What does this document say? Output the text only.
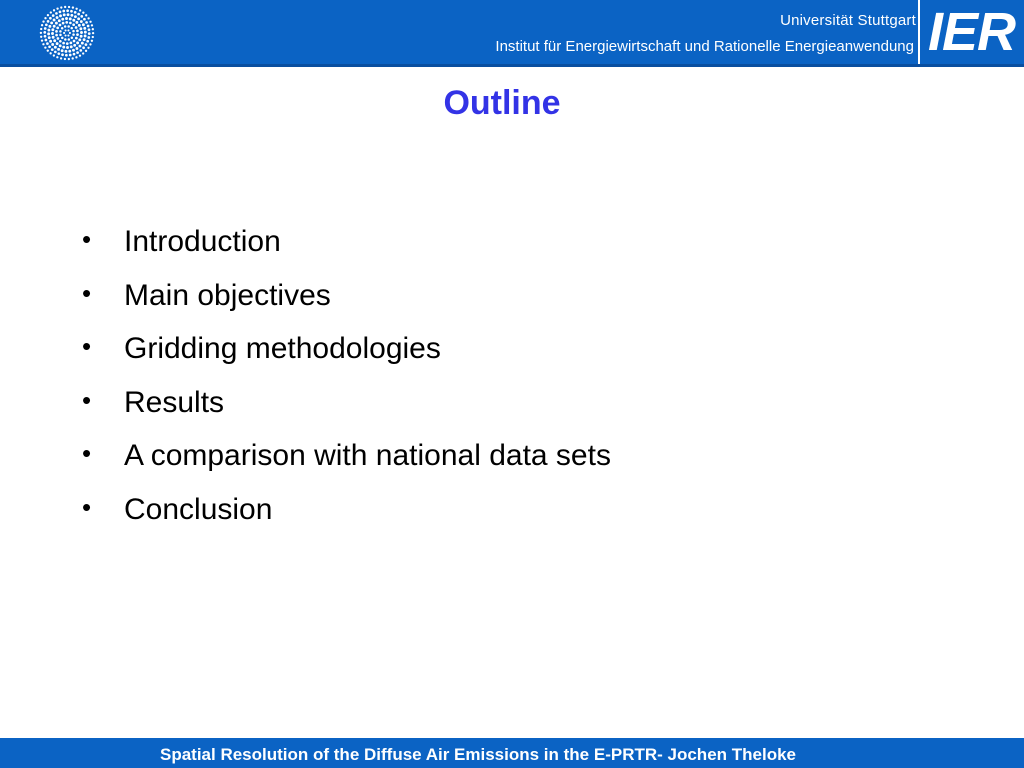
Universität Stuttgart
Institut für Energiewirtschaft und Rationelle Energieanwendung IER
Outline
• Introduction
• Main objectives
• Gridding methodologies
• Results
• A comparison with national data sets
• Conclusion
Spatial Resolution of the Diffuse Air Emissions in the E-PRTR- Jochen Theloke
